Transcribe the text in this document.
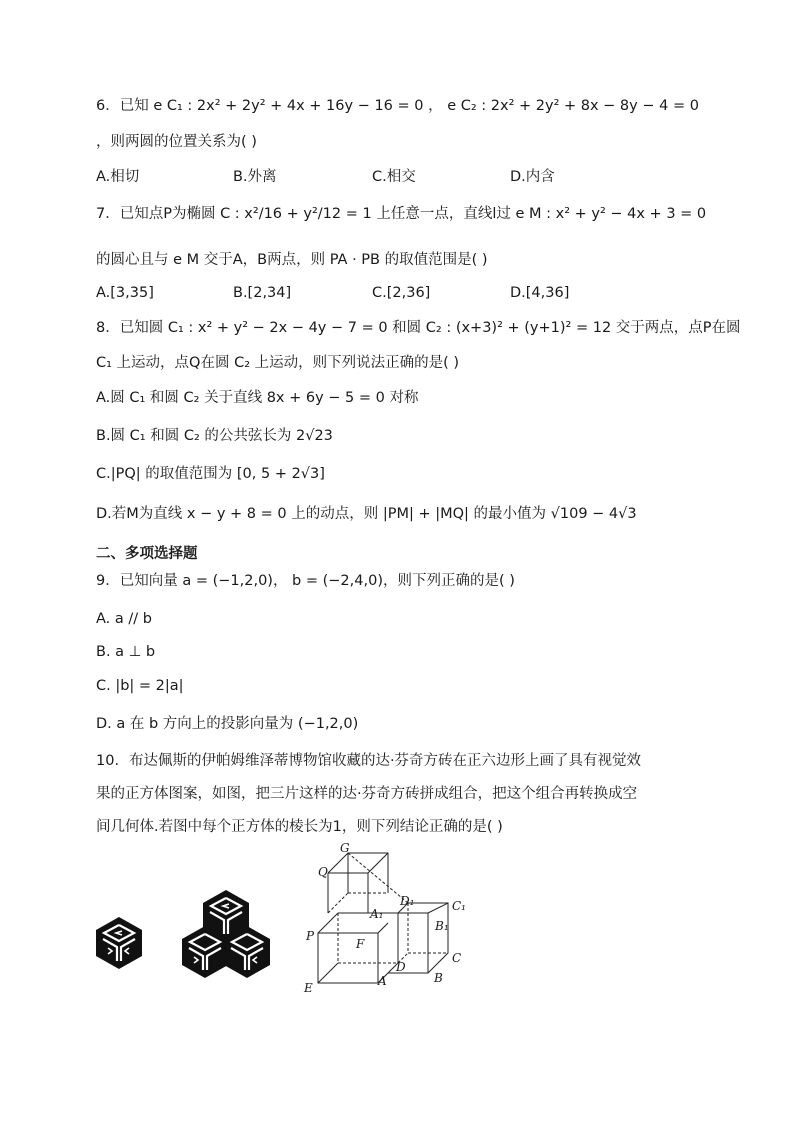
6．已知 e C₁ : 2x² + 2y² + 4x + 16y − 16 = 0 ， e C₂ : 2x² + 2y² + 8x − 8y − 4 = 0
，则两圆的位置关系为( )
A.相切	B.外离	C.相交	D.内含
7．已知点P为椭圆 C : x²/16 + y²/12 = 1 上任意一点，直线l过 e M : x² + y² − 4x + 3 = 0
的圆心且与 e M 交于A，B两点，则 PA · PB 的取值范围是( )
A.[3,35]	B.[2,34]	C.[2,36]	D.[4,36]
8．已知圆 C₁ : x² + y² − 2x − 4y − 7 = 0 和圆 C₂ : (x+3)² + (y+1)² = 12 交于两点，点P在圆
C₁ 上运动，点Q在圆 C₂ 上运动，则下列说法正确的是( )
A.圆 C₁ 和圆 C₂ 关于直线 8x + 6y − 5 = 0 对称
B.圆 C₁ 和圆 C₂ 的公共弦长为 2√23
C.|PQ| 的取值范围为 [0, 5 + 2√3]
D.若M为直线 x − y + 8 = 0 上的动点，则 |PM| + |MQ| 的最小值为 √109 − 4√3
二、多项选择题
9．已知向量 a = (−1,2,0)， b = (−2,4,0)，则下列正确的是( )
A. a // b
B. a ⊥ b
C. |b| = 2|a|
D. a 在 b 方向上的投影向量为 (−1,2,0)
10．布达佩斯的伊帕姆维泽蒂博物馆收藏的达·芬奇方砖在正六边形上画了具有视觉效
果的正方体图案，如图，把三片这样的达·芬奇方砖拼成组合，把这个组合再转换成空
间几何体.若图中每个正方体的棱长为1，则下列结论正确的是( )
G
Q
D₁	C₁
A₁
B₁
P
F
D
C
E	A	B
